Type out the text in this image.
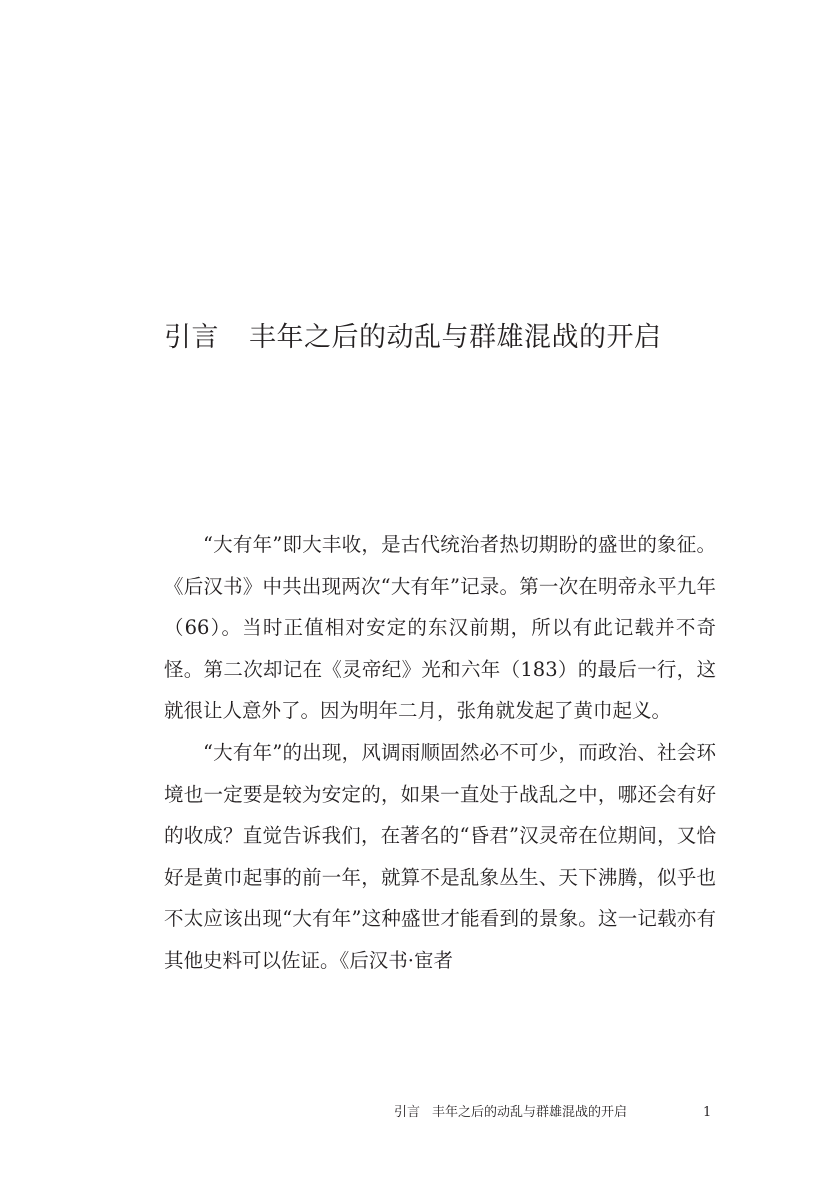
引言 丰年之后的动乱与群雄混战的开启

“大有年”即大丰收，是古代统治者热切期盼的盛世的象征。《后汉书》中共出现两次“大有年”记录。第一次在明帝永平九年（66）。当时正值相对安定的东汉前期，所以有此记载并不奇怪。第二次却记在《灵帝纪》光和六年（183）的最后一行，这就很让人意外了。因为明年二月，张角就发起了黄巾起义。

“大有年”的出现，风调雨顺固然必不可少，而政治、社会环境也一定要是较为安定的，如果一直处于战乱之中，哪还会有好的收成？直觉告诉我们，在著名的“昏君”汉灵帝在位期间，又恰好是黄巾起事的前一年，就算不是乱象丛生、天下沸腾，似乎也不太应该出现“大有年”这种盛世才能看到的景象。这一记载亦有其他史料可以佐证。《后汉书·宦者

引言 丰年之后的动乱与群雄混战的开启	1
